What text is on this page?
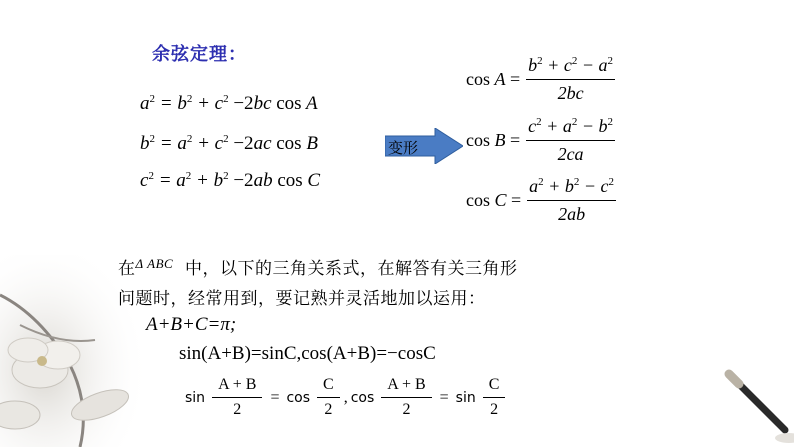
余弦定理：
$a^2 = b^2 + c^2 -2bc$ cos A
$b^2 = a^2 + c^2 -2ac$ cos B
$c^2 = a^2 + b^2 -2ab$ cos C
变形
$\cos A = \frac{b^2 + c^2 - a^2}{2bc}$
$\cos B = \frac{c^2 + a^2 - b^2}{2ca}$
$\cos C = \frac{a^2 + b^2 - c^2}{2ab}$
在$^{\Delta ABC}$ 中，以下的三角关系式，在解答有关三角形
问题时，经常用到，要记熟并灵活地加以运用：
A+B+C=π;
sin(A+B)=sinC,cos(A+B)=−cosC
$\sin \frac{A + B}{2} = \cos \frac{C}{2}$ , $\cos \frac{A + B}{2} = \sin \frac{C}{2}$
